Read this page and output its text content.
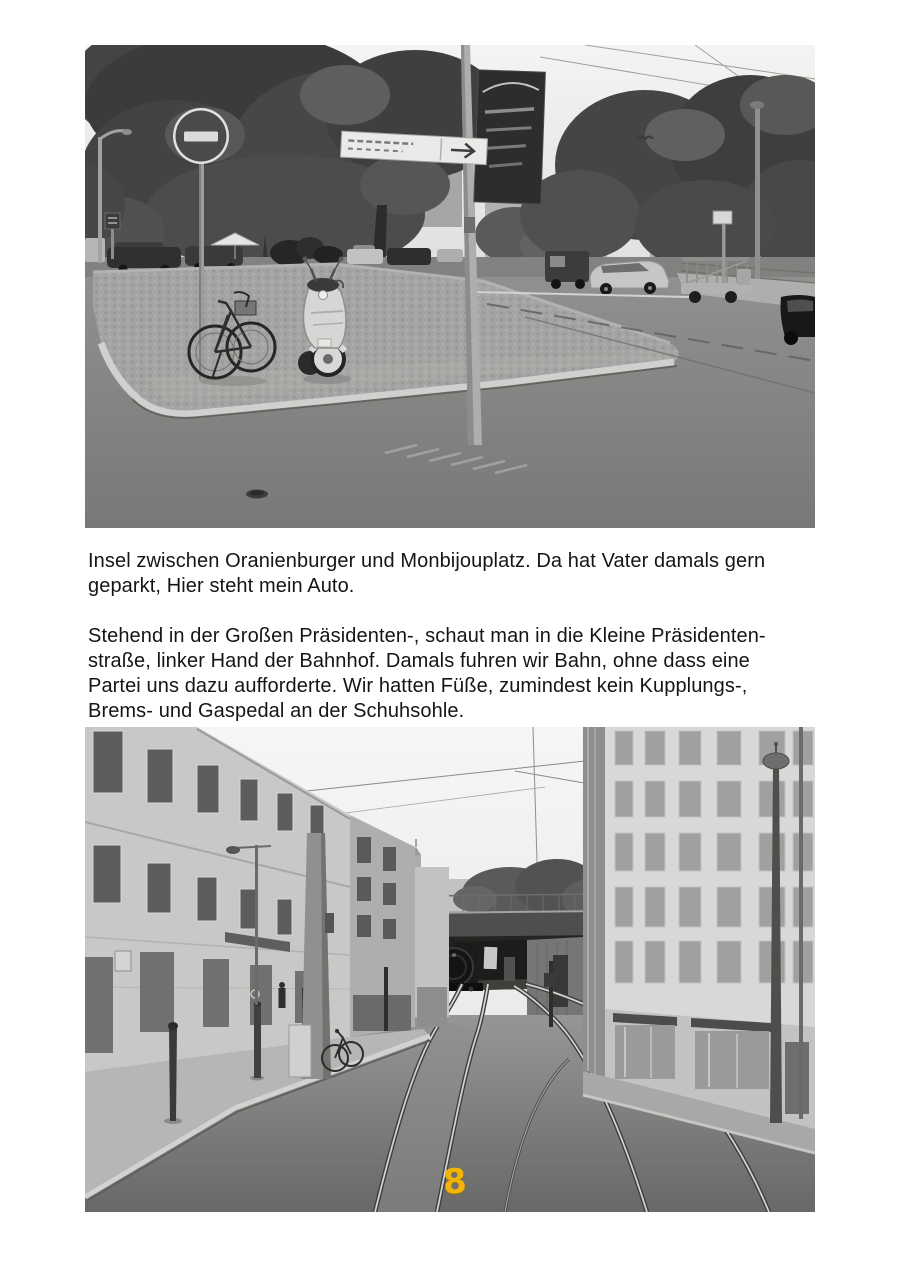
Insel zwischen Oranienburger und Monbijouplatz. Da hat Vater damals gern
geparkt, Hier steht mein Auto.

Stehend in der Großen Präsidenten-, schaut man in die Kleine Präsidenten-
straße, linker Hand der Bahnhof. Damals fuhren wir Bahn, ohne dass eine
Partei uns dazu aufforderte. Wir hatten Füße, zumindest kein Kupplungs-,
Brems- und Gaspedal an der Schuhsohle.

8
